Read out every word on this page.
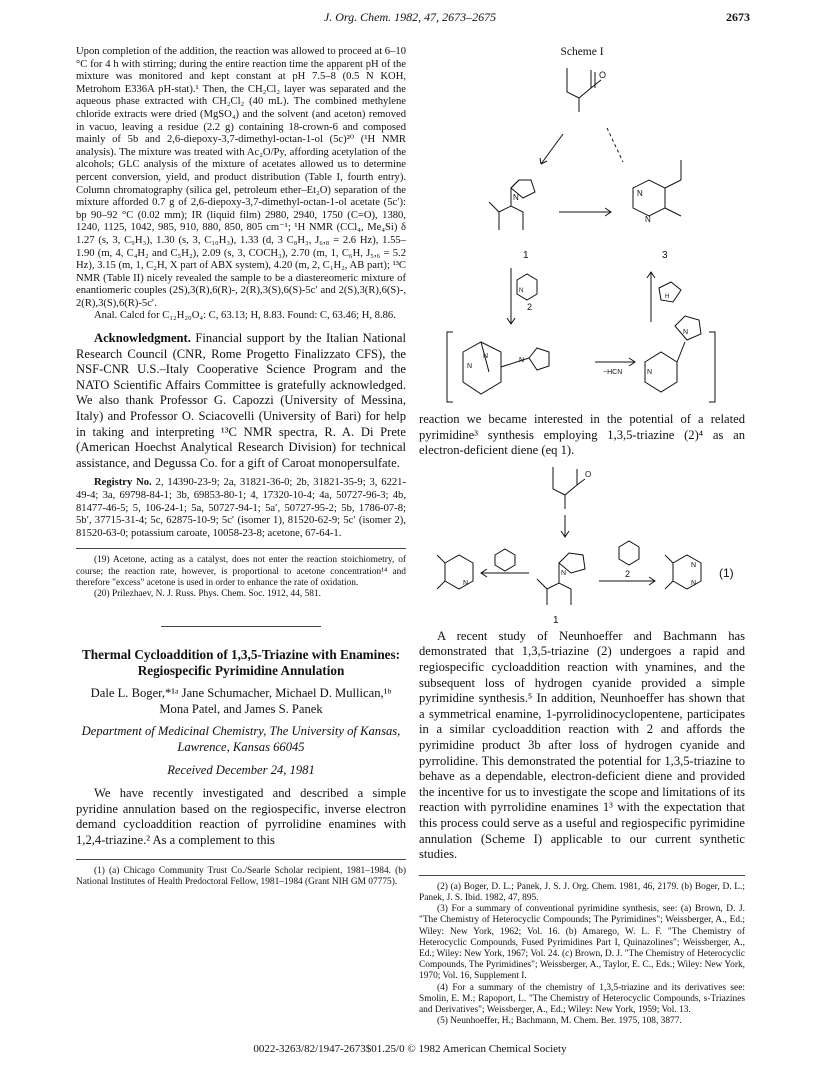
J. Org. Chem. 1982, 47, 2673–2675	2673

Upon completion of the addition, the reaction was allowed to proceed at 6–10 °C for 4 h with stirring; during the entire reaction time the apparent pH of the mixture was monitored and kept constant at pH 7.5–8 (0.5 N KOH, Metrohom E336A pH-stat).¹ Then, the CH₂Cl₂ layer was separated and the aqueous phase extracted with CH₂Cl₂ (40 mL). The combined methylene chloride extracts were dried (MgSO₄) and the solvent (and aceton) removed in vacuo, leaving a residue (2.2 g) containing 18-crown-6 and composed mainly of 5b and 2,6-diepoxy-3,7-dimethyl-octan-1-ol (5c)²⁰ (¹H NMR analysis). The mixture was treated with Ac₂O/Py, affording acetylation of the alcohols; GLC analysis of the mixture of acetates allowed us to determine percent conversion, yield, and product distribution (Table I, fourth entry). Column chromatography (silica gel, petroleum ether–Et₂O) separation of the mixture afforded 0.7 g of 2,6-diepoxy-3,7-dimethyl-octan-1-ol acetate (5c′): bp 90–92 °C (0.02 mm); IR (liquid film) 2980, 2940, 1750 (C=O), 1380, 1240, 1125, 1042, 985, 910, 880, 850, 805 cm⁻¹; ¹H NMR (CCl₄, Me₄Si) δ 1.27 (s, 3, C₉H₃), 1.30 (s, 3, C₁₀H₃), 1.33 (d, 3 C₈H₃, J₆,₈ = 2.6 Hz), 1.55–1.90 (m, 4, C₄H₂ and C₅H₂), 2.09 (s, 3, COCH₃), 2.70 (m, 1, C₆H, J₅,₆ = 5.2 Hz), 3.15 (m, 1, C₂H, X part of ABX system), 4.20 (m, 2, C₁H₂, AB part); ¹³C NMR (Table II) nicely revealed the sample to be a diastereomeric mixture of enantiomeric couples (2S),3(R),6(R)-, 2(R),3(S),6(S)-5c′ and 2(S),3(R),6(S)-, 2(R),3(S),6(R)-5c′.

Anal. Calcd for C₁₂H₂₀O₄: C, 63.13; H, 8.83. Found: C, 63.46; H, 8.86.

Acknowledgment. Financial support by the Italian National Research Council (CNR, Rome Progetto Finalizzato CFS), the NSF-CNR U.S.–Italy Cooperative Science Program and the NATO Scientific Affairs Committee is gratefully acknowledged. We also thank Professor G. Capozzi (University of Messina, Italy) and Professor O. Sciacovelli (University of Bari) for help in taking and interpreting ¹³C NMR spectra, R. A. Di Prete (American Hoechst Analytical Research Division) for technical assistance, and Degussa Co. for a gift of Caroat monopersulfate.

Registry No. 2, 14390-23-9; 2a, 31821-36-0; 2b, 31821-35-9; 3, 6221-49-4; 3a, 69798-84-1; 3b, 69853-80-1; 4, 17320-10-4; 4a, 50727-96-3; 4b, 81477-46-5; 5, 106-24-1; 5a, 50727-94-1; 5a′, 50727-95-2; 5b, 1786-07-8; 5b′, 37715-31-4; 5c, 62875-10-9; 5c′ (isomer 1), 81520-62-9; 5c′ (isomer 2), 81520-63-0; potassium caroate, 10058-23-8; acetone, 67-64-1.

(19) Acetone, acting as a catalyst, does not enter the reaction stoichiometry, of course; the reaction rate, however, is proportional to acetone concentration¹⁴ and therefore "excess" acetone is used in order to enhance the rate of oxidation.

(20) Prilezhaev, N. J. Russ. Phys. Chem. Soc. 1912, 44, 581.

Thermal Cycloaddition of 1,3,5-Triazine with Enamines: Regiospecific Pyrimidine Annulation

Dale L. Boger,*¹ᵃ Jane Schumacher, Michael D. Mullican,¹ᵇ Mona Patel, and James S. Panek

Department of Medicinal Chemistry, The University of Kansas, Lawrence, Kansas 66045

Received December 24, 1981

We have recently investigated and described a simple pyridine annulation based on the regiospecific, inverse electron demand cycloaddition reaction of pyrrolidine enamines with 1,2,4-triazine.² As a complement to this

(1) (a) Chicago Community Trust Co./Searle Scholar recipient, 1981–1984. (b) National Institutes of Health Predoctoral Fellow, 1981–1984 (Grant NIH GM 07775).

Scheme I
O
N
1
N
N
3
N
2
H
N
N
N
−HCN	N
N

reaction we became interested in the potential of a related pyrimidine³ synthesis employing 1,3,5-triazine (2)⁴ as an electron-deficient diene (eq 1).

O
N
N
1
2
N
N
(1)

A recent study of Neunhoeffer and Bachmann has demonstrated that 1,3,5-triazine (2) undergoes a rapid and regiospecific cycloaddition reaction with ynamines, and the subsequent loss of hydrogen cyanide provided a simple pyrimidine synthesis.⁵ In addition, Neunhoeffer has shown that a symmetrical enamine, 1-pyrrolidinocyclopentene, participates in a similar cycloaddition reaction with 2 and affords the pyrimidine product 3b after loss of hydrogen cyanide and pyrrolidine. This demonstrated the potential for 1,3,5-triazine to behave as a dependable, electron-deficient diene and provided the incentive for us to investigate the scope and limitations of its reaction with pyrrolidine enamines 1³ with the expectation that this process could serve as a useful and regiospecific pyrimidine annulation (Scheme I) applicable to our current synthetic studies.

(2) (a) Boger, D. L.; Panek, J. S. J. Org. Chem. 1981, 46, 2179. (b) Boger, D. L.; Panek, J. S. Ibid. 1982, 47, 895.

(3) For a summary of conventional pyrimidine synthesis, see: (a) Brown, D. J. "The Chemistry of Heterocyclic Compounds; The Pyrimidines"; Weissberger, A., Ed.; Wiley: New York, 1962; Vol. 16. (b) Amarego, W. L. F. "The Chemistry of Heterocyclic Compounds, Fused Pyrimidines Part I, Quinazolines"; Weissberger, A., Ed.; Wiley: New York, 1967; Vol. 24. (c) Brown, D. J. "The Chemistry of Heterocyclic Compounds, The Pyrimidines"; Weissberger, A., Taylor, E. C., Eds.; Wiley: New York, 1970; Vol. 16, Supplement I.

(4) For a summary of the chemistry of 1,3,5-triazine and its derivatives see: Smolin, E. M.; Rapoport, L. "The Chemistry of Heterocyclic Compounds, s-Triazines and Derivatives"; Weissberger, A., Ed.; Wiley: New York, 1959; Vol. 13.

(5) Neunhoeffer, H.; Bachmann, M. Chem. Ber. 1975, 108, 3877.

0022-3263/82/1947-2673$01.25/0 © 1982 American Chemical Society
